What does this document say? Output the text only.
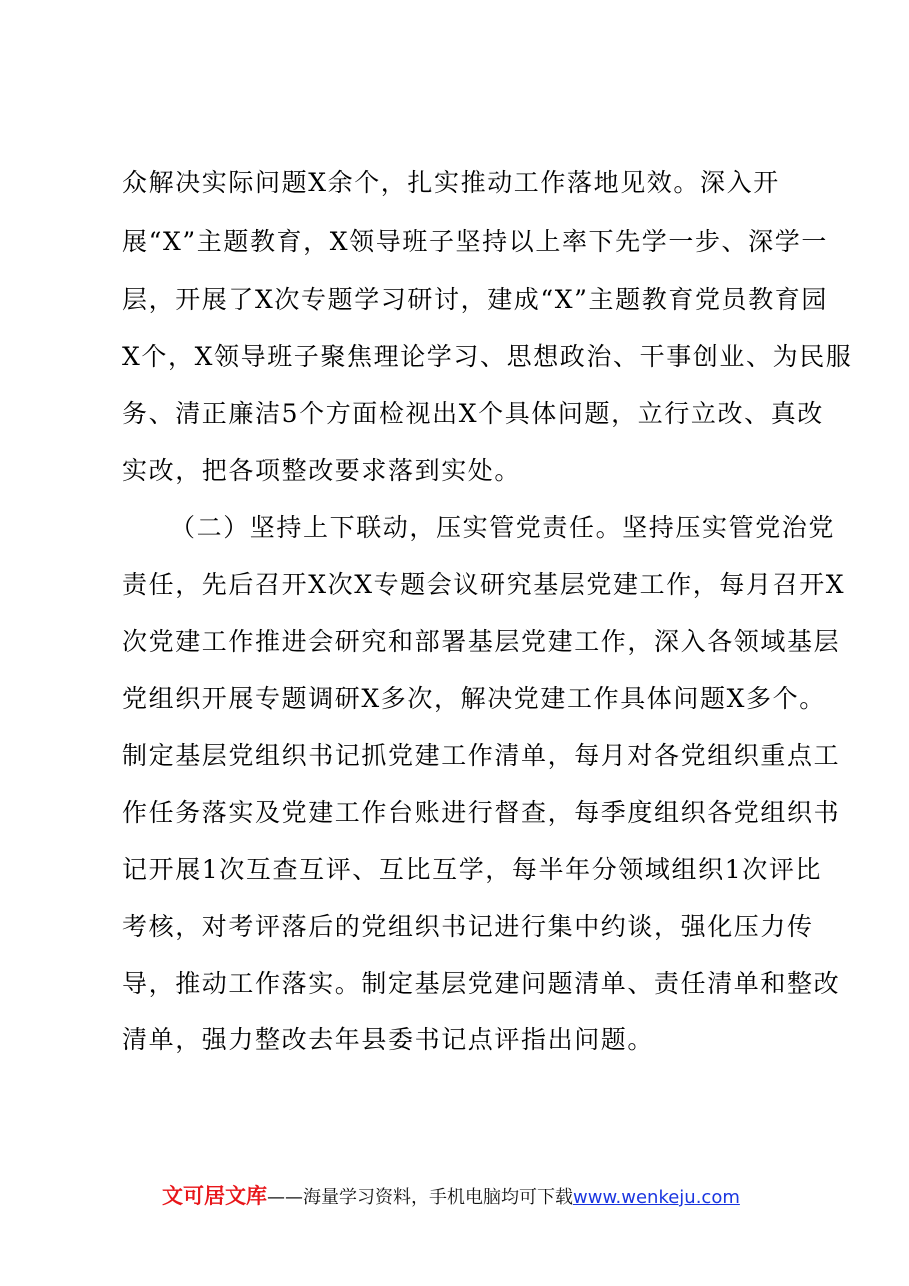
众解决实际问题X余个，扎实推动工作落地见效。深入开
展“X”主题教育，X领导班子坚持以上率下先学一步、深学一
层，开展了X次专题学习研讨，建成“X”主题教育党员教育园
X个，X领导班子聚焦理论学习、思想政治、干事创业、为民服
务、清正廉洁5个方面检视出X个具体问题，立行立改、真改
实改，把各项整改要求落到实处。
（二）坚持上下联动，压实管党责任。坚持压实管党治党
责任，先后召开X次X专题会议研究基层党建工作，每月召开X
次党建工作推进会研究和部署基层党建工作，深入各领域基层
党组织开展专题调研X多次，解决党建工作具体问题X多个。
制定基层党组织书记抓党建工作清单，每月对各党组织重点工
作任务落实及党建工作台账进行督查，每季度组织各党组织书
记开展1次互查互评、互比互学，每半年分领域组织1次评比
考核，对考评落后的党组织书记进行集中约谈，强化压力传
导，推动工作落实。制定基层党建问题清单、责任清单和整改
清单，强力整改去年县委书记点评指出问题。
文可居文库——海量学习资料，手机电脑均可下载www.wenkeju.com
